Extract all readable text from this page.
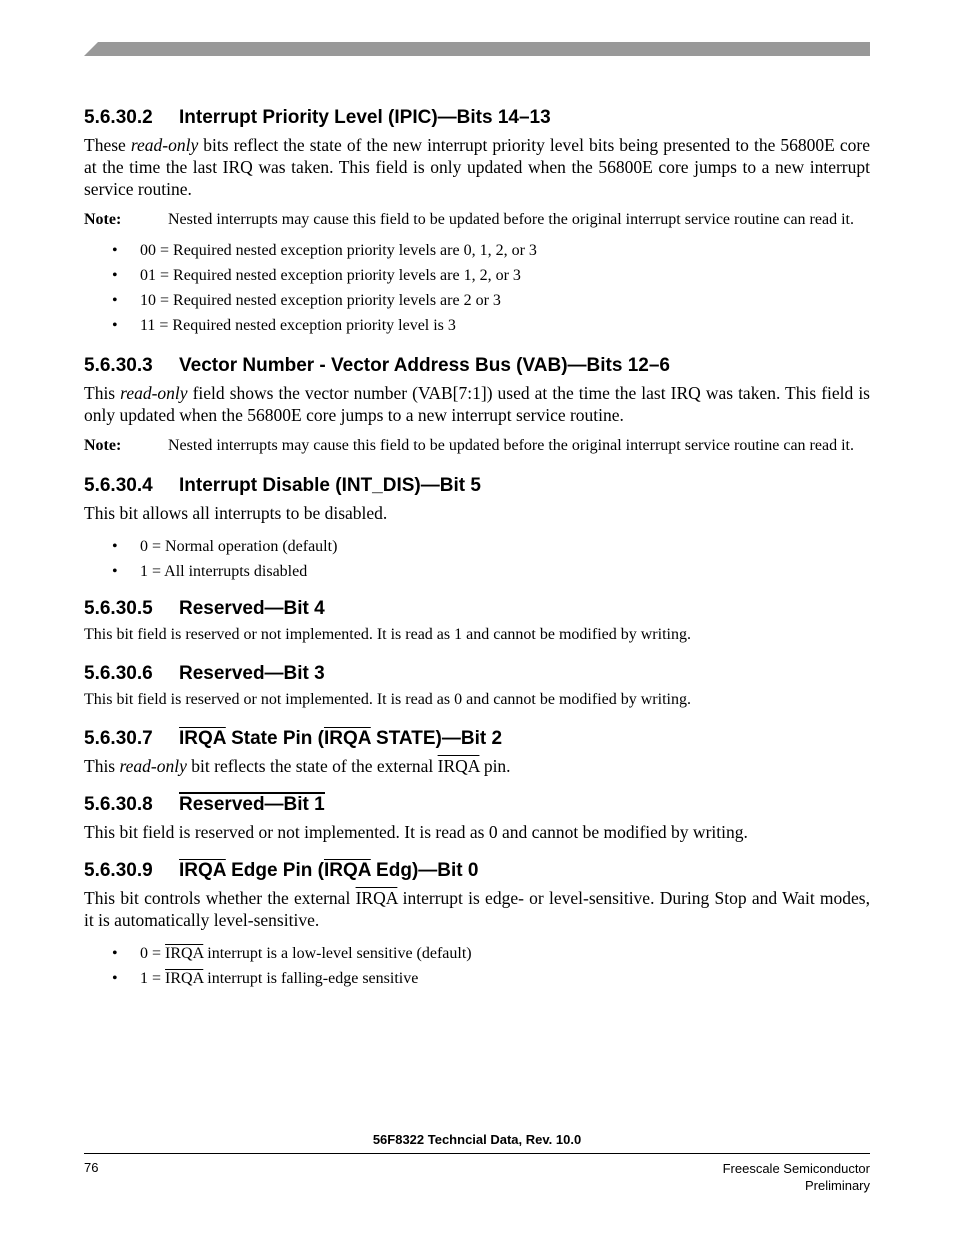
5.6.30.2 Interrupt Priority Level (IPIC)—Bits 14–13

These read-only bits reflect the state of the new interrupt priority level bits being presented to the 56800E core at the time the last IRQ was taken. This field is only updated when the 56800E core jumps to a new interrupt service routine.

Note:	Nested interrupts may cause this field to be updated before the original interrupt service routine can read it.
•	00 = Required nested exception priority levels are 0, 1, 2, or 3
•	01 = Required nested exception priority levels are 1, 2, or 3
•	10 = Required nested exception priority levels are 2 or 3
•	11 = Required nested exception priority level is 3
5.6.30.3 Vector Number - Vector Address Bus (VAB)—Bits 12–6

This read-only field shows the vector number (VAB[7:1]) used at the time the last IRQ was taken. This field is only updated when the 56800E core jumps to a new interrupt service routine.

Note:	Nested interrupts may cause this field to be updated before the original interrupt service routine can read it.
5.6.30.4 Interrupt Disable (INT_DIS)—Bit 5

This bit allows all interrupts to be disabled.

•	0 = Normal operation (default)
•	1 = All interrupts disabled
5.6.30.5 Reserved—Bit 4

This bit field is reserved or not implemented. It is read as 1 and cannot be modified by writing.

5.6.30.6 Reserved—Bit 3

This bit field is reserved or not implemented. It is read as 0 and cannot be modified by writing.

5.6.30.7 IRQA State Pin (IRQA STATE)—Bit 2

This read-only bit reflects the state of the external IRQA pin.

5.6.30.8 Reserved—Bit 1

This bit field is reserved or not implemented. It is read as 0 and cannot be modified by writing.

5.6.30.9 IRQA Edge Pin (IRQA Edg)—Bit 0

This bit controls whether the external IRQA interrupt is edge- or level-sensitive. During Stop and Wait modes, it is automatically level-sensitive.

•	0 = IRQA interrupt is a low-level sensitive (default)
•	1 = IRQA interrupt is falling-edge sensitive
56F8322 Techncial Data, Rev. 10.0
76	Freescale Semiconductor
Preliminary
